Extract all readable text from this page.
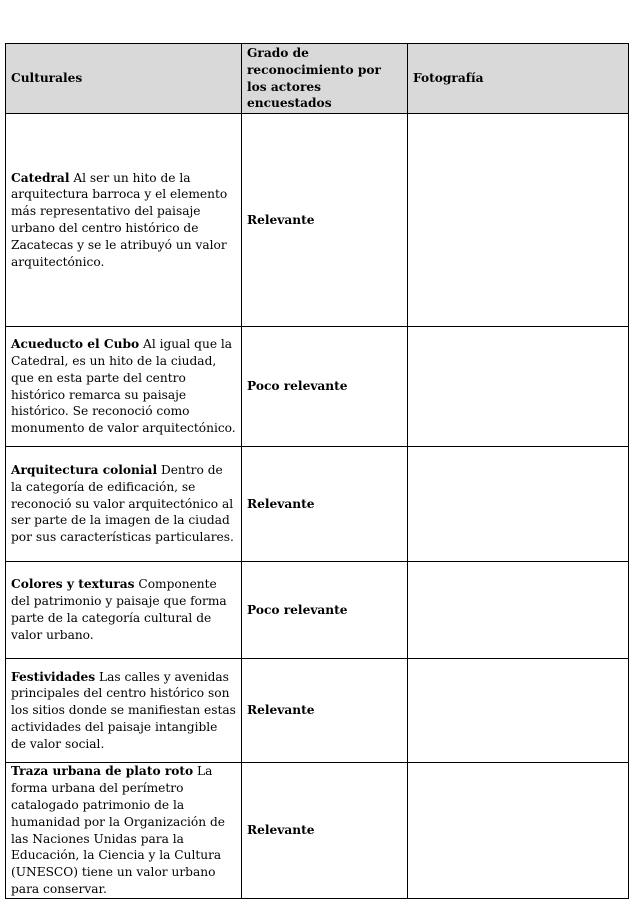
Culturales	Grado de reconocimiento por los actores encuestados	Fotografía
Catedral Al ser un hito de la arquitectura barroca y el elemento más representativo del paisaje urbano del centro histórico de Zacatecas y se le atribuyó un valor arquitectónico.	Relevante	
Acueducto el Cubo Al igual que la Catedral, es un hito de la ciudad, que en esta parte del centro histórico remarca su paisaje histórico. Se reconoció como monumento de valor arquitectónico.	Poco relevante	
Arquitectura colonial Dentro de la categoría de edificación, se reconoció su valor arquitectónico al ser parte de la imagen de la ciudad por sus características particulares.	Relevante	
Colores y texturas Componente del patrimonio y paisaje que forma parte de la categoría cultural de valor urbano.	Poco relevante	
Festividades Las calles y avenidas principales del centro histórico son los sitios donde se manifiestan estas actividades del paisaje intangible de valor social.	Relevante	
Traza urbana de plato roto La forma urbana del perímetro catalogado patrimonio de la humanidad por la Organización de las Naciones Unidas para la Educación, la Ciencia y la Cultura (UNESCO) tiene un valor urbano para conservar.	Relevante	
